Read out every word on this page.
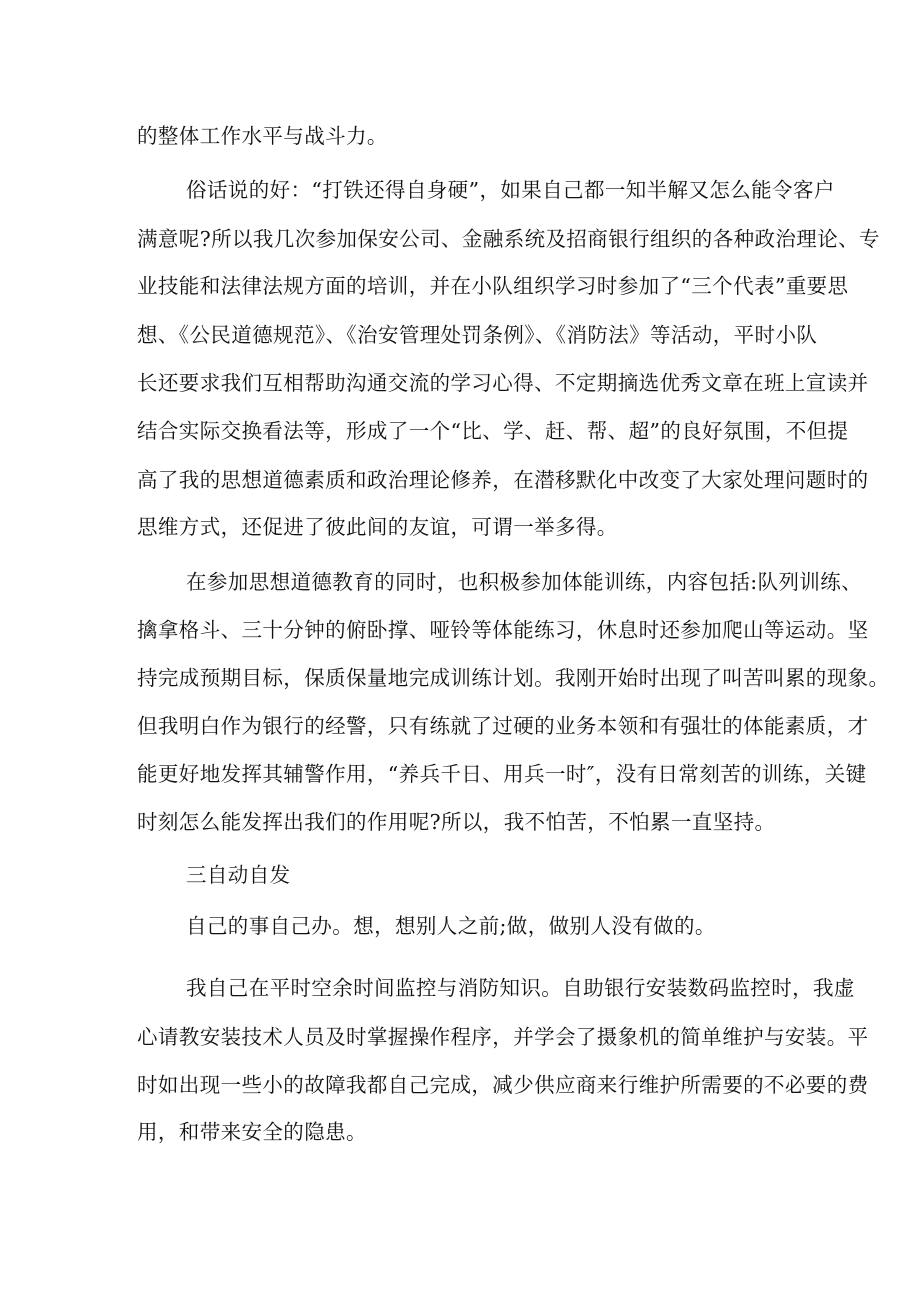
的整体工作水平与战斗力。
俗话说的好：“打铁还得自身硬”，如果自己都一知半解又怎么能令客户
满意呢?所以我几次参加保安公司、金融系统及招商银行组织的各种政治理论、专
业技能和法律法规方面的培训，并在小队组织学习时参加了“三个代表”重要思
想、《公民道德规范》、《治安管理处罚条例》、《消防法》等活动，平时小队
长还要求我们互相帮助沟通交流的学习心得、不定期摘选优秀文章在班上宣读并
结合实际交换看法等，形成了一个“比、学、赶、帮、超”的良好氛围，不但提
高了我的思想道德素质和政治理论修养，在潜移默化中改变了大家处理问题时的
思维方式，还促进了彼此间的友谊，可谓一举多得。
在参加思想道德教育的同时，也积极参加体能训练，内容包括:队列训练、
擒拿格斗、三十分钟的俯卧撑、哑铃等体能练习，休息时还参加爬山等运动。坚
持完成预期目标，保质保量地完成训练计划。我刚开始时出现了叫苦叫累的现象。
但我明白作为银行的经警，只有练就了过硬的业务本领和有强壮的体能素质，才
能更好地发挥其辅警作用，“养兵千日、用兵一时″，没有日常刻苦的训练，关键
时刻怎么能发挥出我们的作用呢?所以，我不怕苦，不怕累一直坚持。
三自动自发
自己的事自己办。想，想别人之前;做，做别人没有做的。
我自己在平时空余时间监控与消防知识。自助银行安装数码监控时，我虚
心请教安装技术人员及时掌握操作程序，并学会了摄象机的简单维护与安装。平
时如出现一些小的故障我都自己完成，减少供应商来行维护所需要的不必要的费
用，和带来安全的隐患。
